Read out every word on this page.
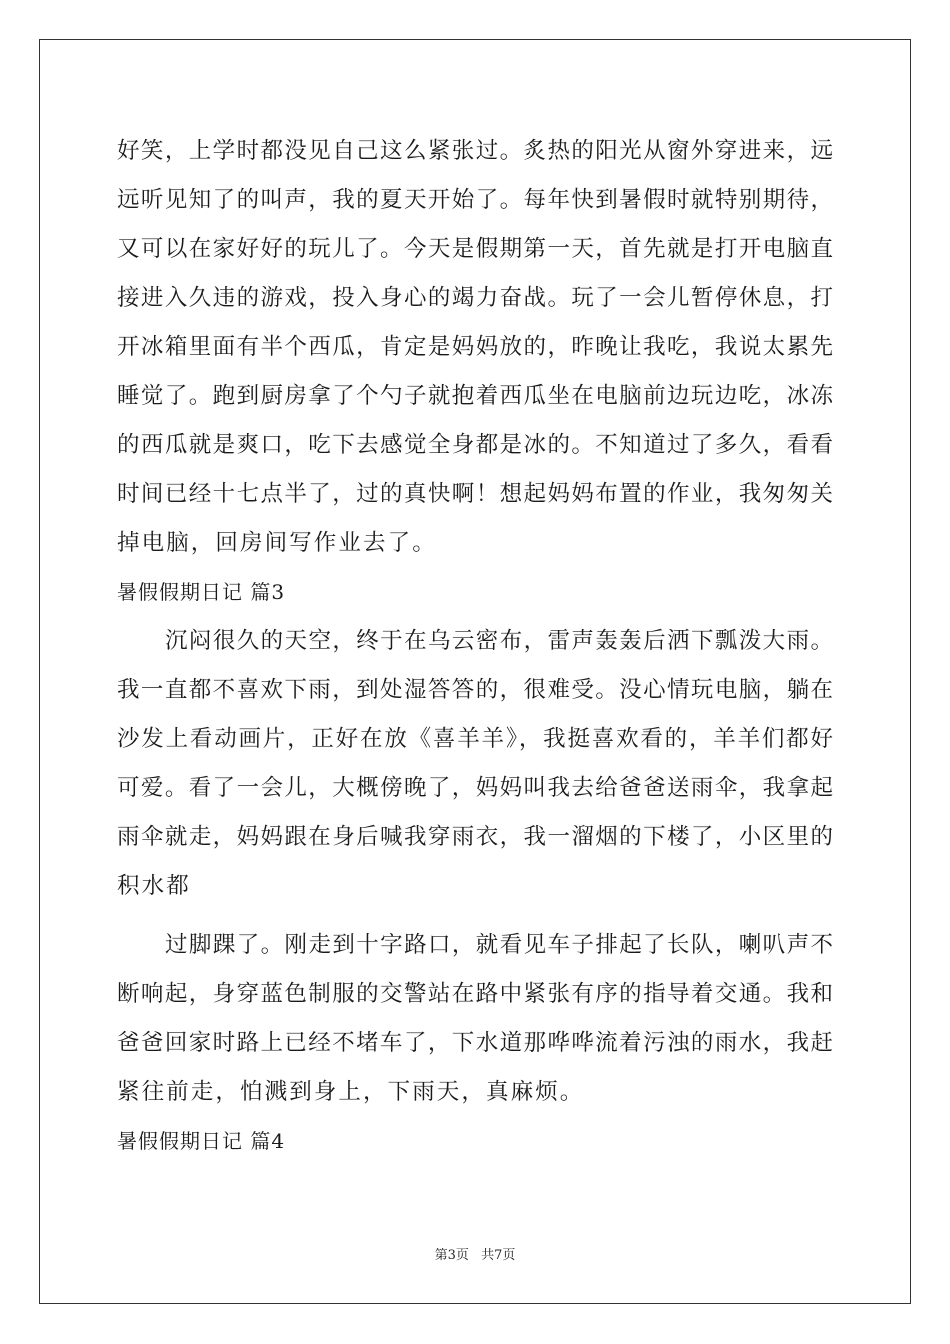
好笑，上学时都没见自己这么紧张过。炙热的阳光从窗外穿进来，远
远听见知了的叫声，我的夏天开始了。每年快到暑假时就特别期待，
又可以在家好好的玩儿了。今天是假期第一天，首先就是打开电脑直
接进入久违的游戏，投入身心的竭力奋战。玩了一会儿暂停休息，打
开冰箱里面有半个西瓜，肯定是妈妈放的，昨晚让我吃，我说太累先
睡觉了。跑到厨房拿了个勺子就抱着西瓜坐在电脑前边玩边吃，冰冻
的西瓜就是爽口，吃下去感觉全身都是冰的。不知道过了多久，看看
时间已经十七点半了，过的真快啊！想起妈妈布置的作业，我匆匆关
掉电脑，回房间写作业去了。
暑假假期日记 篇3
沉闷很久的天空，终于在乌云密布，雷声轰轰后洒下瓢泼大雨。
我一直都不喜欢下雨，到处湿答答的，很难受。没心情玩电脑，躺在
沙发上看动画片，正好在放《喜羊羊》，我挺喜欢看的，羊羊们都好
可爱。看了一会儿，大概傍晚了，妈妈叫我去给爸爸送雨伞，我拿起
雨伞就走，妈妈跟在身后喊我穿雨衣，我一溜烟的下楼了，小区里的
积水都
过脚踝了。刚走到十字路口，就看见车子排起了长队，喇叭声不
断响起，身穿蓝色制服的交警站在路中紧张有序的指导着交通。我和
爸爸回家时路上已经不堵车了，下水道那哗哗流着污浊的雨水，我赶
紧往前走，怕溅到身上，下雨天，真麻烦。
暑假假期日记 篇4
第3页 共7页
